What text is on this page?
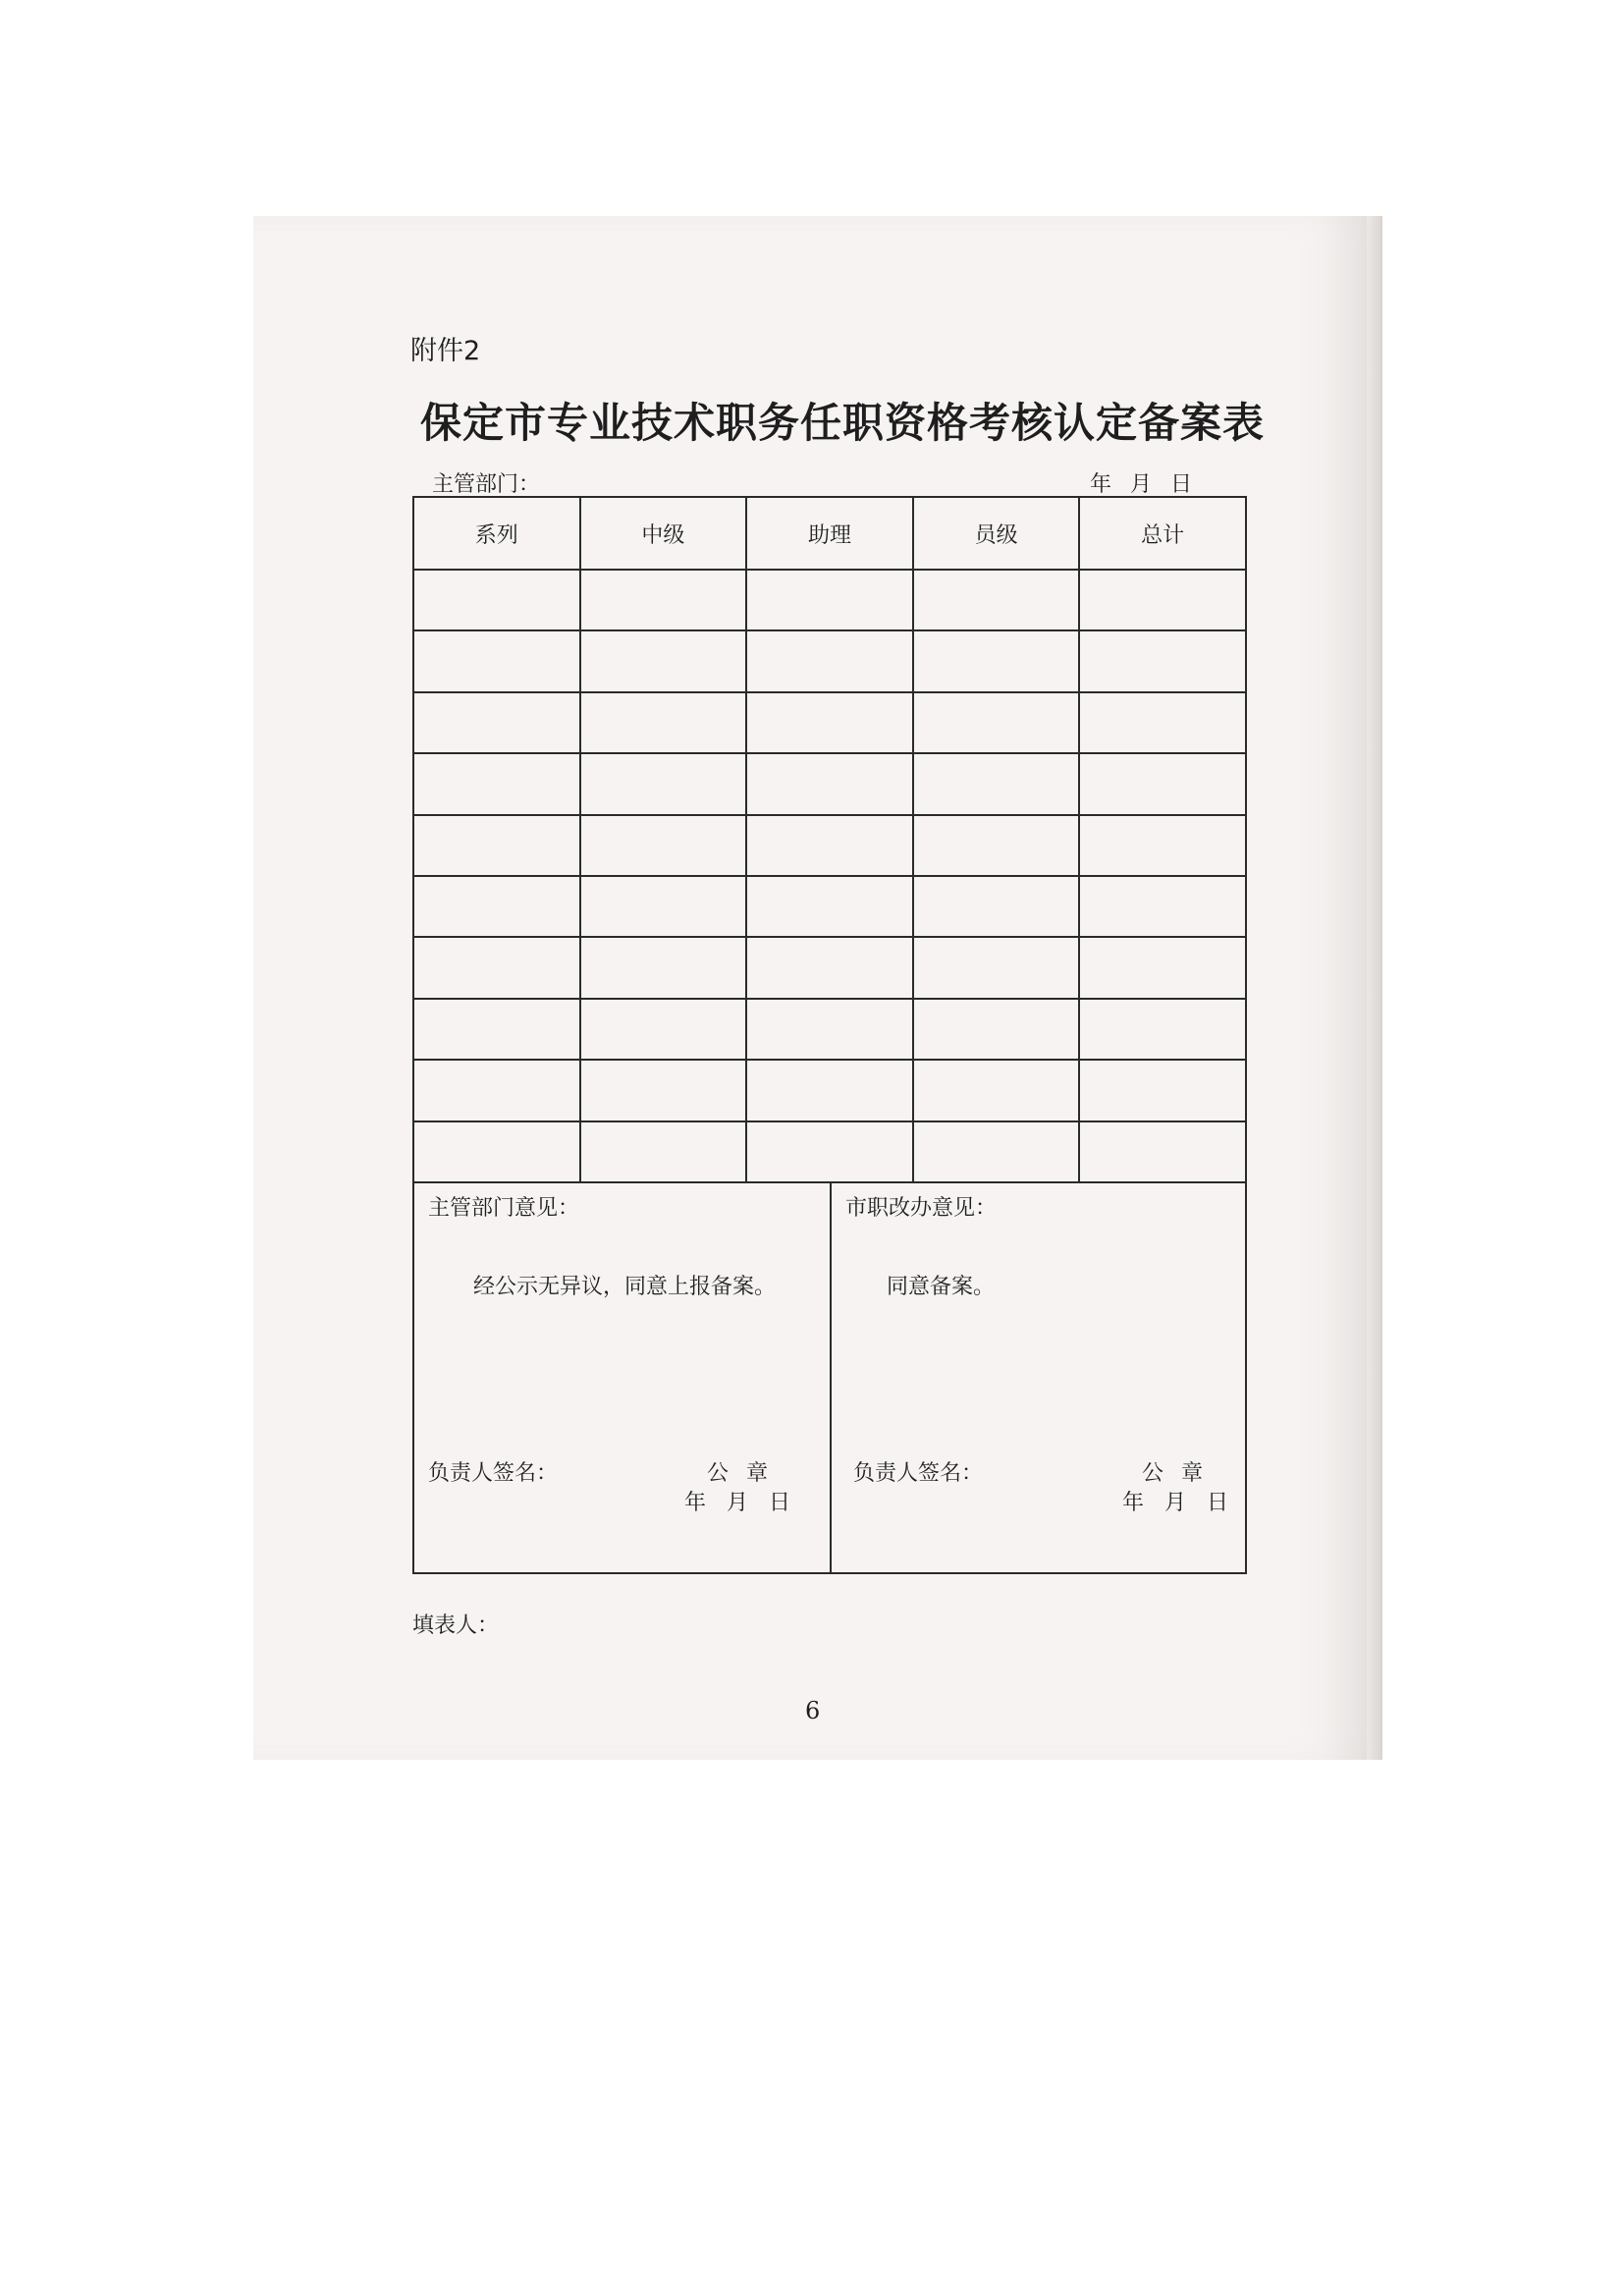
附件2
保定市专业技术职务任职资格考核认定备案表
主管部门：	年 月 日
系列	中级	助理	员级	总计

主管部门意见：
经公示无异议，同意上报备案。
负责人签名：	公章
年 月 日
市职改办意见：
同意备案。
负责人签名：	公章
年 月 日
填表人：
6
